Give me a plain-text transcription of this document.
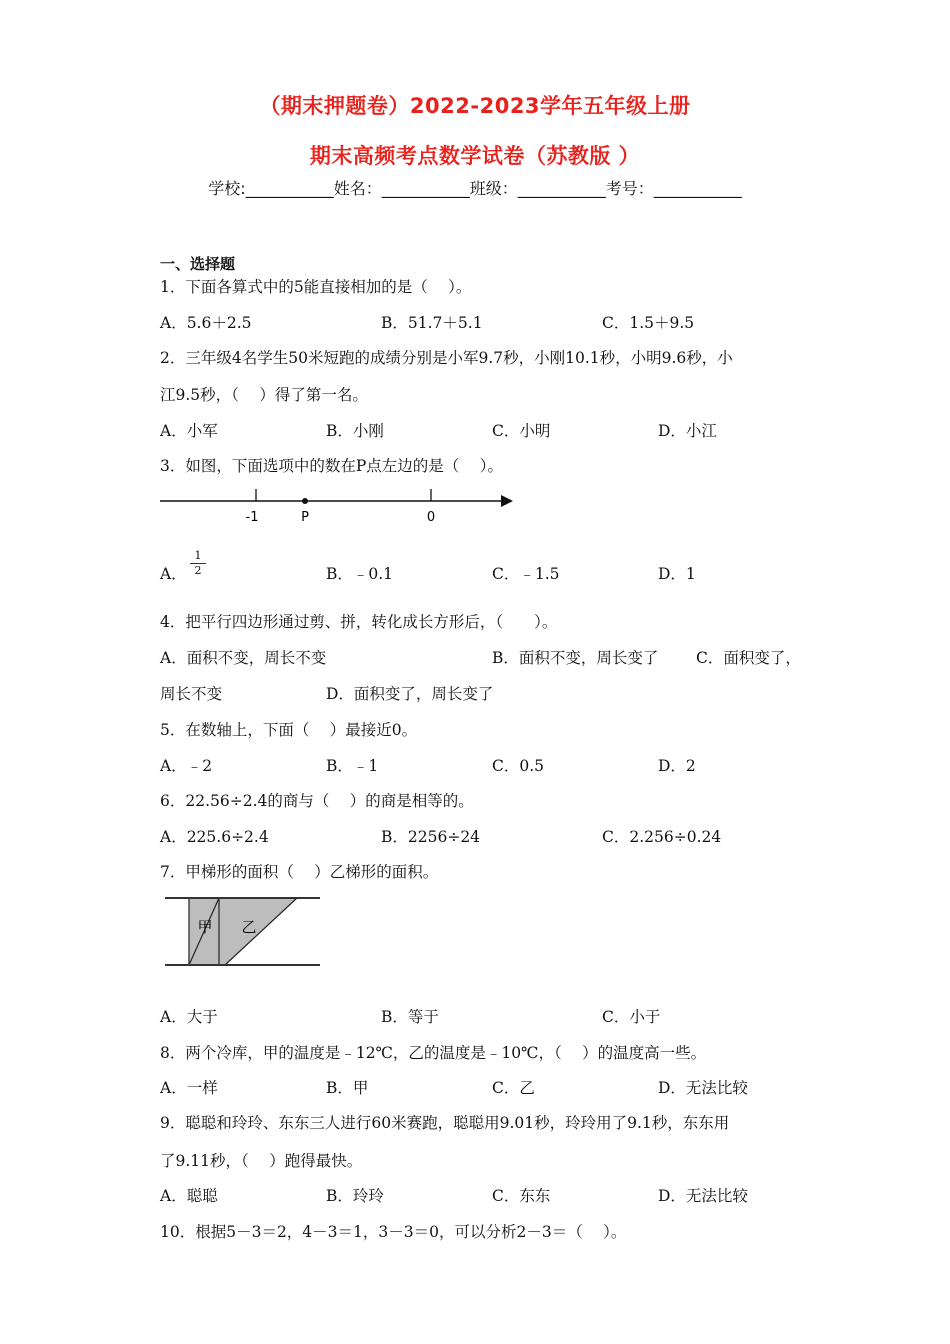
（期末押题卷）2022-2023学年五年级上册
期末高频考点数学试卷（苏教版 ）
学校:___________姓名：___________班级：___________考号：___________
一、选择题
1．下面各算式中的5能直接相加的是（　 ）。
A．5.6＋2.5	B．51.7＋5.1	C．1.5＋9.5
2．三年级4名学生50米短跑的成绩分别是小军9.7秒，小刚10.1秒，小明9.6秒，小
江9.5秒，（　 ）得了第一名。
A．小军	B．小刚	C．小明	D．小江
3．如图，下面选项中的数在P点左边的是（　 ）。
-1	P	0
A．
1
2	B．﹣0.1	C．﹣1.5	D．1
4．把平行四边形通过剪、拼，转化成长方形后，（　　）。
A．面积不变，周长不变	B．面积不变，周长变了 C．面积变了，
周长不变	D．面积变了，周长变了
5．在数轴上，下面（　 ）最接近0。
A．﹣2	B．﹣1	C．0.5	D．2
6．22.56÷2.4的商与（　 ）的商是相等的。
A．225.6÷2.4	B．2256÷24	C．2.256÷0.24
7．甲梯形的面积（　 ）乙梯形的面积。
甲 乙
A．大于	B．等于	C．小于
8．两个冷库，甲的温度是﹣12℃，乙的温度是﹣10℃，（　 ）的温度高一些。
A．一样	B．甲	C．乙	D．无法比较
9．聪聪和玲玲、东东三人进行60米赛跑，聪聪用9.01秒，玲玲用了9.1秒，东东用
了9.11秒，（　 ）跑得最快。
A．聪聪	B．玲玲	C．东东	D．无法比较
10．根据5－3＝2，4－3＝1，3－3＝0，可以分析2－3＝（　 ）。
